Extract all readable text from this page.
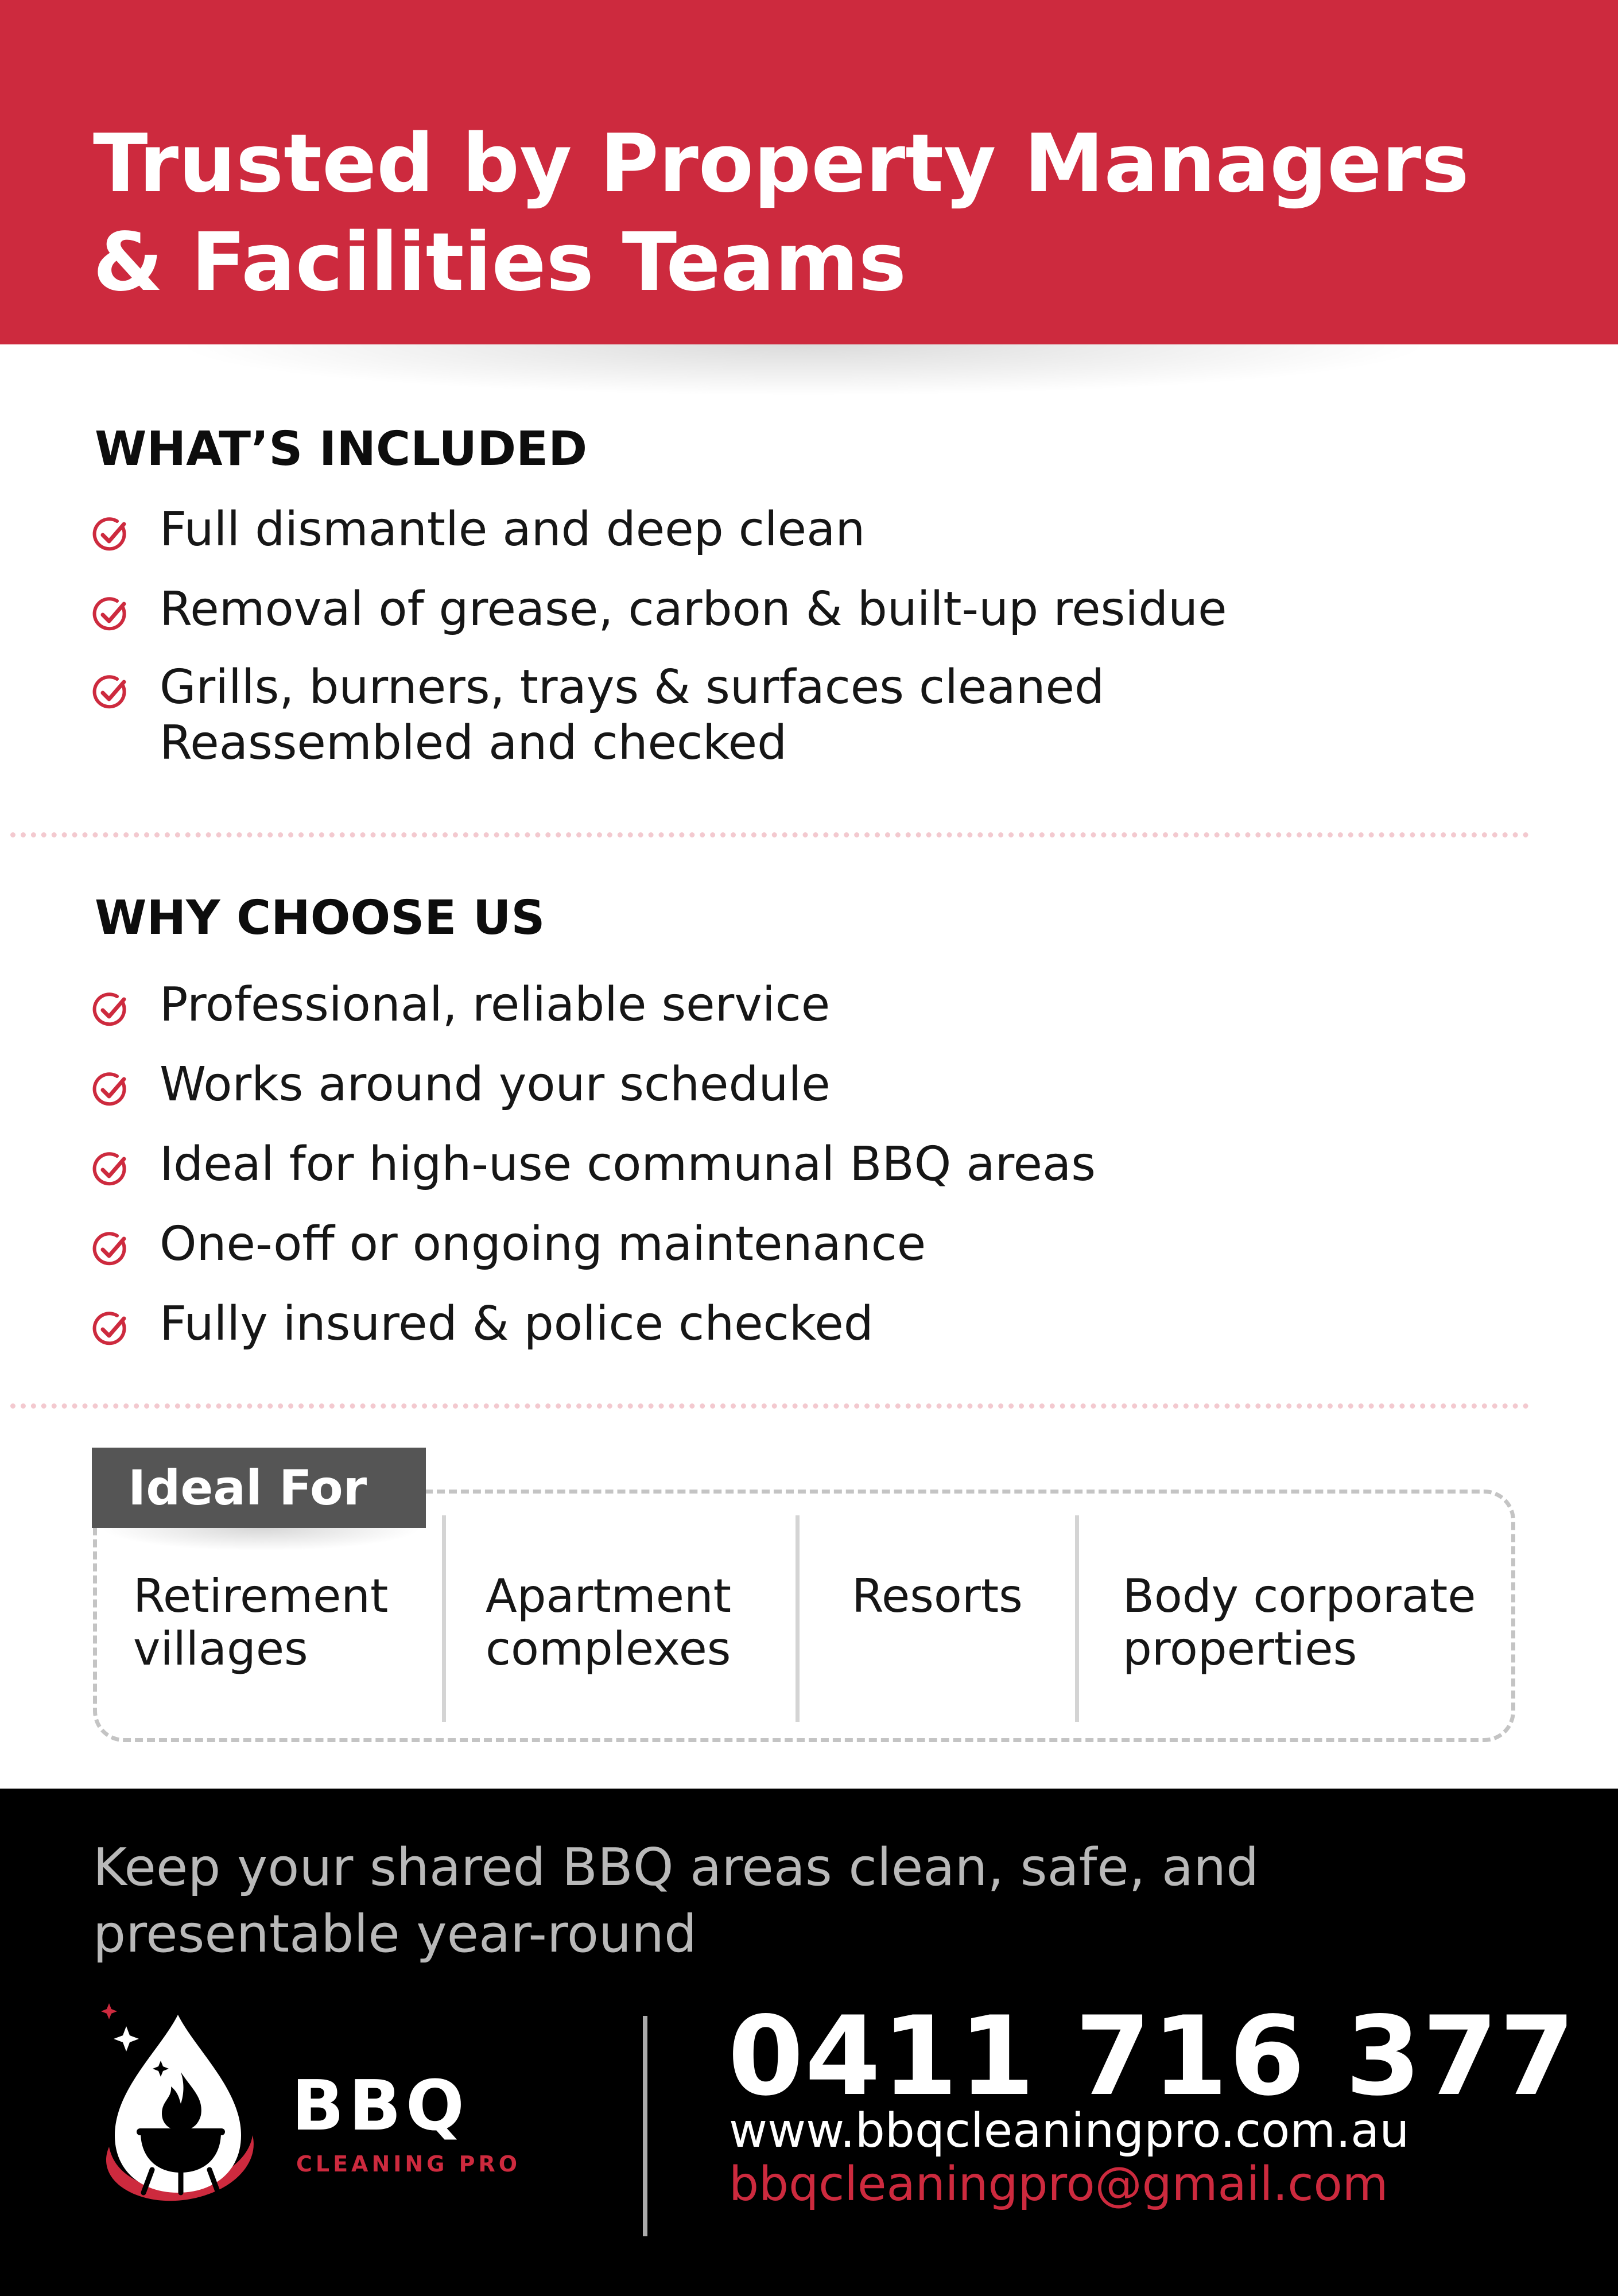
Trusted by Property Managers
& Facilities Teams
WHAT’S INCLUDED
Full dismantle and deep clean
Removal of grease, carbon & built-up residue
Grills, burners, trays & surfaces cleaned
Reassembled and checked
WHY CHOOSE US
Professional, reliable service
Works around your schedule
Ideal for high-use communal BBQ areas
One-off or ongoing maintenance
Fully insured & police checked
Ideal For
Retirement
villages
Apartment
complexes
Resorts Body corporate
properties
Keep your shared BBQ areas clean, safe, and
presentable year-round
BBQ
CLEANING PRO
0411 716 377
www.bbqcleaningpro.com.au
bbqcleaningpro@gmail.com
